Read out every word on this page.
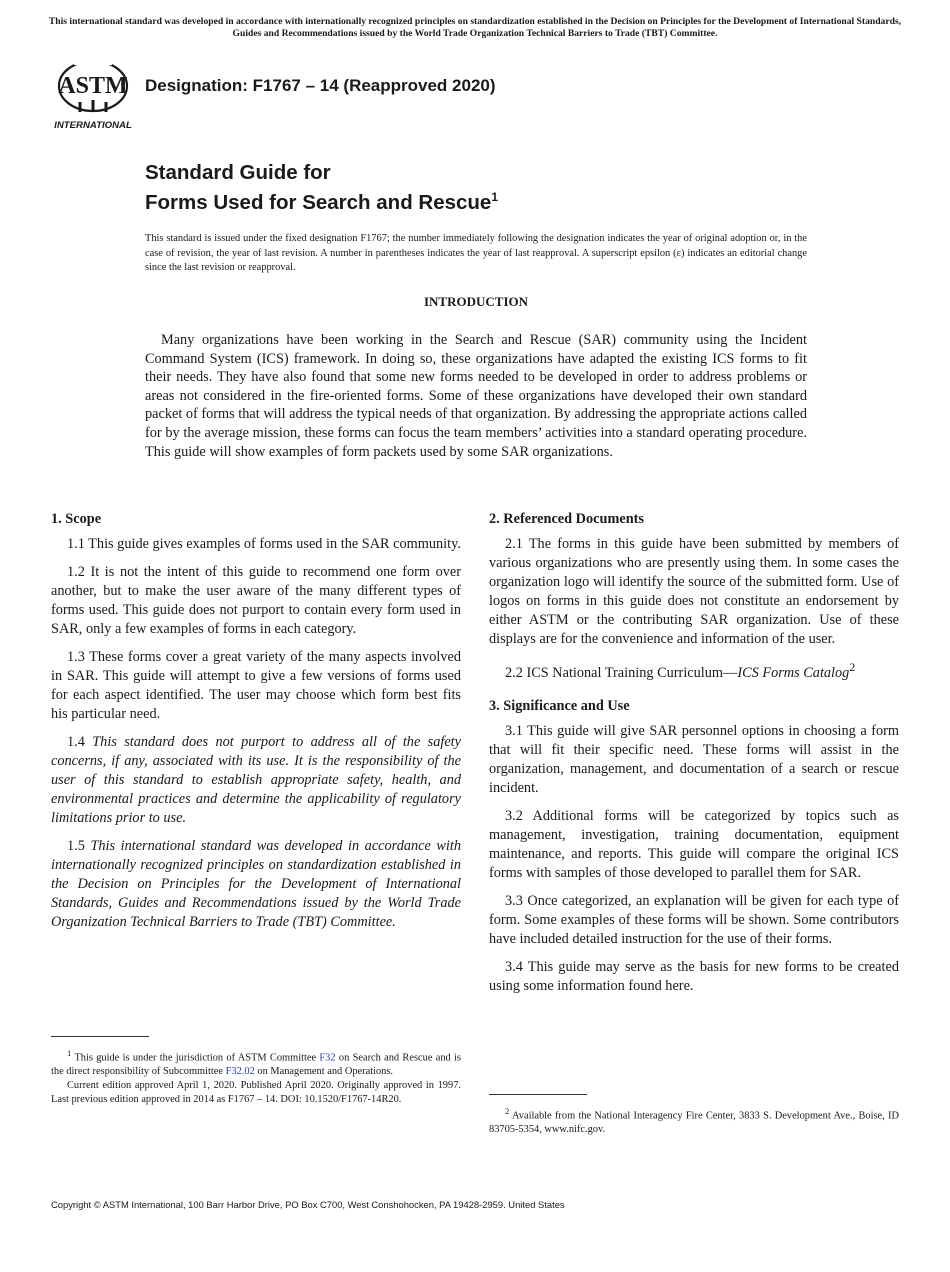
This international standard was developed in accordance with internationally recognized principles on standardization established in the Decision on Principles for the Development of International Standards, Guides and Recommendations issued by the World Trade Organization Technical Barriers to Trade (TBT) Committee.
ASTM
INTERNATIONAL
Designation: F1767 – 14 (Reapproved 2020)
Standard Guide for
Forms Used for Search and Rescue$^1$
This standard is issued under the fixed designation F1767; the number immediately following the designation indicates the year of original adoption or, in the case of revision, the year of last revision. A number in parentheses indicates the year of last reapproval. A superscript epsilon (ε) indicates an editorial change since the last revision or reapproval.
INTRODUCTION

Many organizations have been working in the Search and Rescue (SAR) community using the Incident Command System (ICS) framework. In doing so, these organizations have adapted the existing ICS forms to fit their needs. They have also found that some new forms needed to be developed in order to address problems or areas not considered in the fire-oriented forms. Some of these organizations have developed their own standard packet of forms that will address the typical needs of that organization. By addressing the appropriate actions called for by the average mission, these forms can focus the team members’ activities into a standard operating procedure. This guide will show examples of form packets used by some SAR organizations.

1. Scope

1.1 This guide gives examples of forms used in the SAR community.

1.2 It is not the intent of this guide to recommend one form over another, but to make the user aware of the many different types of forms used. This guide does not purport to contain every form used in SAR, only a few examples of forms in each category.

1.3 These forms cover a great variety of the many aspects involved in SAR. This guide will attempt to give a few versions of forms used for each aspect identified. The user may choose which form best fits his particular need.

1.4 This standard does not purport to address all of the safety concerns, if any, associated with its use. It is the responsibility of the user of this standard to establish appropriate safety, health, and environmental practices and determine the applicability of regulatory limitations prior to use.

1.5 This international standard was developed in accordance with internationally recognized principles on standardization established in the Decision on Principles for the Development of International Standards, Guides and Recommendations issued by the World Trade Organization Technical Barriers to Trade (TBT) Committee.

2. Referenced Documents

2.1 The forms in this guide have been submitted by members of various organizations who are presently using them. In some cases the organization logo will identify the source of the submitted form. Use of logos on forms in this guide does not constitute an endorsement by either ASTM or the contributing SAR organization. Use of these displays are for the convenience and information of the user.

2.2 ICS National Training Curriculum—ICS Forms Catalog$^2$

3. Significance and Use

3.1 This guide will give SAR personnel options in choosing a form that will fit their specific need. These forms will assist in the organization, management, and documentation of a search or rescue incident.

3.2 Additional forms will be categorized by topics such as management, investigation, training documentation, equipment maintenance, and reports. This guide will compare the original ICS forms with samples of those developed to parallel them for SAR.

3.3 Once categorized, an explanation will be given for each type of form. Some examples of these forms will be shown. Some contributors have included detailed instruction for the use of their forms.

3.4 This guide may serve as the basis for new forms to be created using some information found here.

$^1$ This guide is under the jurisdiction of ASTM Committee F32 on Search and Rescue and is the direct responsibility of Subcommittee F32.02 on Management and Operations.

Current edition approved April 1, 2020. Published April 2020. Originally approved in 1997. Last previous edition approved in 2014 as F1767 – 14. DOI: 10.1520/F1767-14R20.

$^2$ Available from the National Interagency Fire Center, 3833 S. Development Ave., Boise, ID 83705-5354, www.nifc.gov.

Copyright © ASTM International, 100 Barr Harbor Drive, PO Box C700, West Conshohocken, PA 19428-2959. United States
